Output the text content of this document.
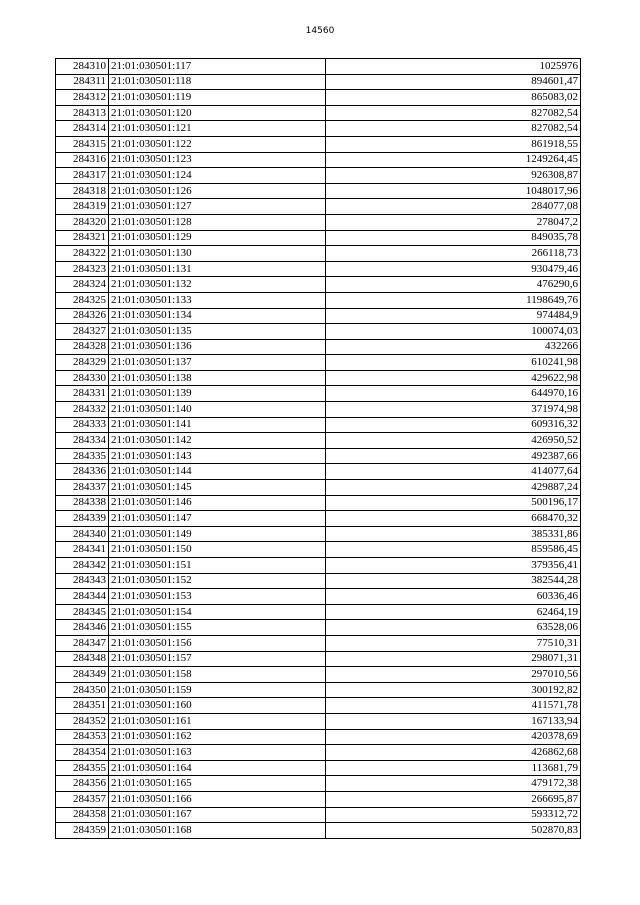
14560
284310	21:01:030501:117	1025976
284311	21:01:030501:118	894601,47
284312	21:01:030501:119	865083,02
284313	21:01:030501:120	827082,54
284314	21:01:030501:121	827082,54
284315	21:01:030501:122	861918,55
284316	21:01:030501:123	1249264,45
284317	21:01:030501:124	926308,87
284318	21:01:030501:126	1048017,96
284319	21:01:030501:127	284077,08
284320	21:01:030501:128	278047,2
284321	21:01:030501:129	849035,78
284322	21:01:030501:130	266118,73
284323	21:01:030501:131	930479,46
284324	21:01:030501:132	476290,6
284325	21:01:030501:133	1198649,76
284326	21:01:030501:134	974484,9
284327	21:01:030501:135	100074,03
284328	21:01:030501:136	432266
284329	21:01:030501:137	610241,98
284330	21:01:030501:138	429622,98
284331	21:01:030501:139	644970,16
284332	21:01:030501:140	371974,98
284333	21:01:030501:141	609316,32
284334	21:01:030501:142	426950,52
284335	21:01:030501:143	492387,66
284336	21:01:030501:144	414077,64
284337	21:01:030501:145	429887,24
284338	21:01:030501:146	500196,17
284339	21:01:030501:147	668470,32
284340	21:01:030501:149	385331,86
284341	21:01:030501:150	859586,45
284342	21:01:030501:151	379356,41
284343	21:01:030501:152	382544,28
284344	21:01:030501:153	60336,46
284345	21:01:030501:154	62464,19
284346	21:01:030501:155	63528,06
284347	21:01:030501:156	77510,31
284348	21:01:030501:157	298071,31
284349	21:01:030501:158	297010,56
284350	21:01:030501:159	300192,82
284351	21:01:030501:160	411571,78
284352	21:01:030501:161	167133,94
284353	21:01:030501:162	420378,69
284354	21:01:030501:163	426862,68
284355	21:01:030501:164	113681,79
284356	21:01:030501:165	479172,38
284357	21:01:030501:166	266695,87
284358	21:01:030501:167	593312,72
284359	21:01:030501:168	502870,83
